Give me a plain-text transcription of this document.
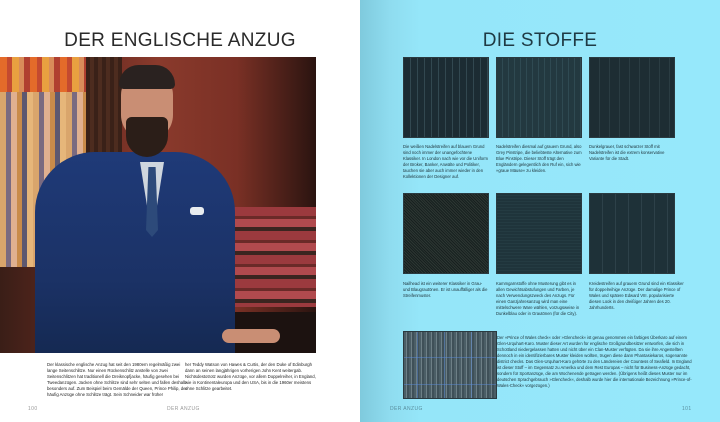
DER ENGLISCHE ANZUG

Der klassische englische Anzug hat seit den 1980ern regelmäßig zwei lange Seitenschlitze. Nur einen Rückenschlitz anstelle von zwei Seitenschlitzen hat traditionell die Dreiknopfjacke, häufig gesehen bei Tweedanzügen. Jacken ohne Schlitze sind sehr selten und fallen deshalb besonders auf. Zum Beispiel beim Gemälde der Queen, Prince Philip, der häufig Anzüge ohne Schlitze trägt. Sein Schneider war früher

her Teddy Watson von Hawes & Curtis, der den Duke of Edinburgh dann an seinen langjährigen vorherigen John Kent weitergab. Nichtsdestotrotz wurden Anzüge, vor allem Doppelreiher, in England, wie in Kontinentaleuropa und den USA, bis in die 1960er meistens ohne Schlitze gearbeitet.

100	DER ANZUG
DIE STOFFE

Die weißen Nadelstreifen auf blauem Grund sind noch immer der unangefochtene Klassiker. In London nach wie vor die Uniform der Broker, Banker, Anwälte und Politiker, tauchen sie aber auch immer wieder in den Kollektionen der Designer auf.

Nadelstreifen diesmal auf grauem Grund, also Grey Pinstripe, die beliebteste Alternative zum Blue Pinstripe. Dieser Stoff trägt den Engländern gelegentlich den Ruf ein, sich wie »graue Mäuse« zu kleiden.

Dunkelgrauer, fast schwarzer Stoff mit Nadelstreifen ist die extrem konservative Variante für die Stadt.

Nailhead ist ein weiterer Klassiker in Grau- und Blaugrautönen. Er ist unauffälliger als die Streifenmuster.

Kammgarnstoffe ohne Musterung gibt es in allen Gewichtsabstufungen und Farben, je nach Verwendungszweck des Anzugs. Für einen Ganzjahresanzug wird man eine mittelschwere Ware wählen, vorzugsweise in Dunkelblau oder in Grautönen (für die City).

Kreidestreifen auf grauem Grund sind ein Klassiker für doppelreihige Anzüge. Der damalige Prince of Wales und spätere Edward VIII. popularisierte diesen Look in den dreißiger Jahren des 20. Jahrhunderts.

Der »Prince of Wales check« oder »Glencheck« ist genau genommen ein farbiges Überkaro auf einem Glen-Urquhart-Karo. Muster dieser Art wurden für englische Großgrundbesitzer entworfen, die sich in Schottland niedergelassen hatten und nicht über ein Clan-Muster verfügten. Da sie ihre Angestellten dennoch in ein identifizierbares Muster kleiden wollten, trugen diese dann Phantasiekaros, sogenannte district checks. Das Glen-Urquhart-Karo gehörte zu den Ländereien der Countess of Seafield. In England ist dieser Stoff – im Gegensatz zu Amerika und dem Rest Europas – nicht für Business-Anzüge gedacht, sondern für Sportanzüge, die am Wochenende getragen werden. (Übrigens heißt dieses Muster nur im deutschen Sprachgebrauch »Glencheck«, deshalb wurde hier die internationale Bezeichnung »Prince-of-Wales-Check« vorgezogen.)

DER ANZUG	101
